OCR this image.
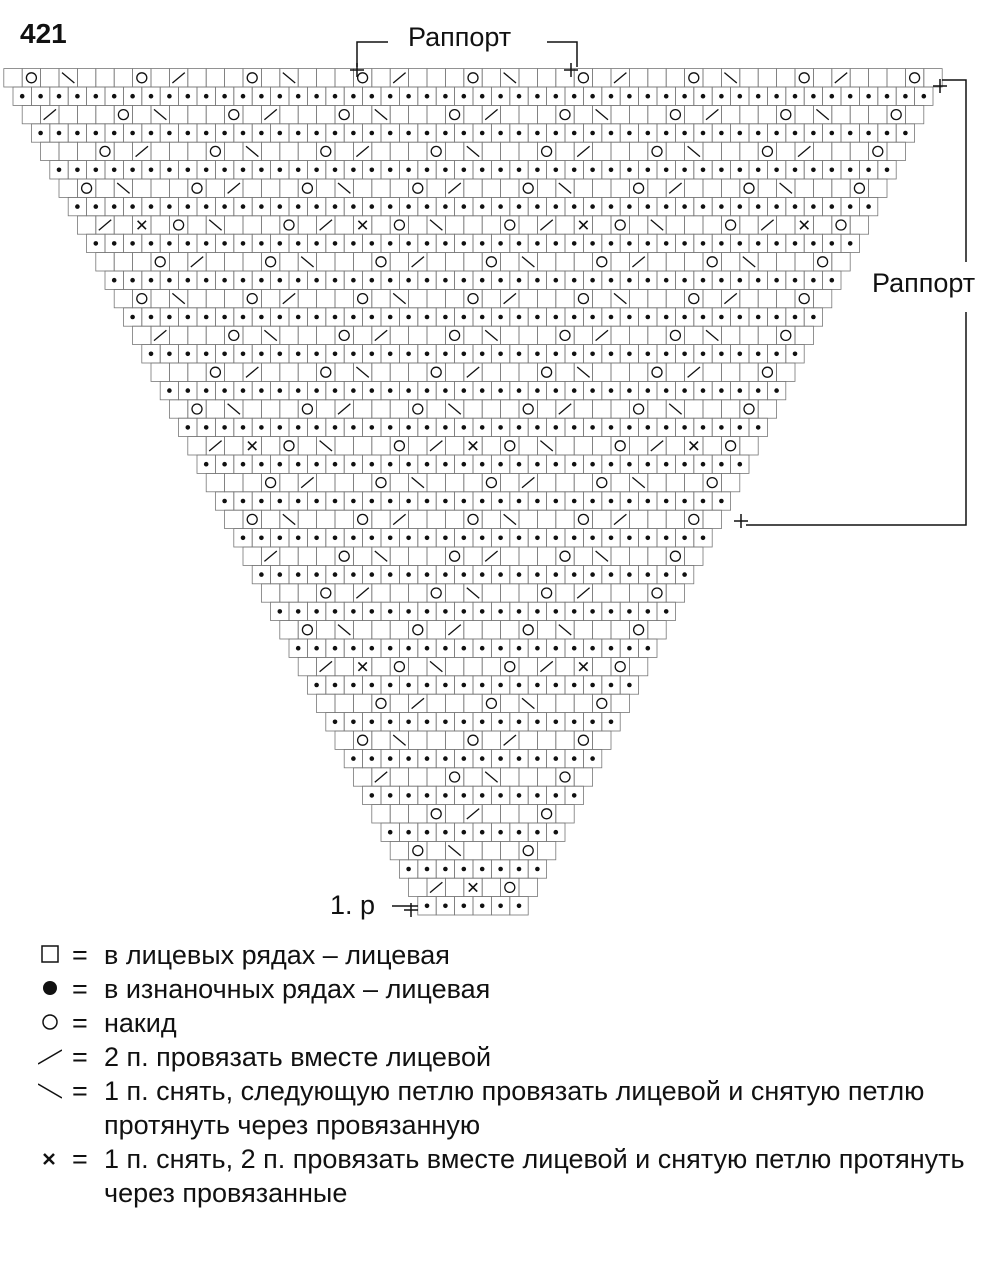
421	Раппорт
Раппорт
1. р
= в лицевых рядах – лицевая
= в изнаночных рядах – лицевая
= накид
= 2 п. провязать вместе лицевой
= 1 п. снять, следующую петлю провязать лицевой и снятую петлю протянуть через провязанную
= 1 п. снять, 2 п. провязать вместе лицевой и снятую петлю протянуть через провязанные
